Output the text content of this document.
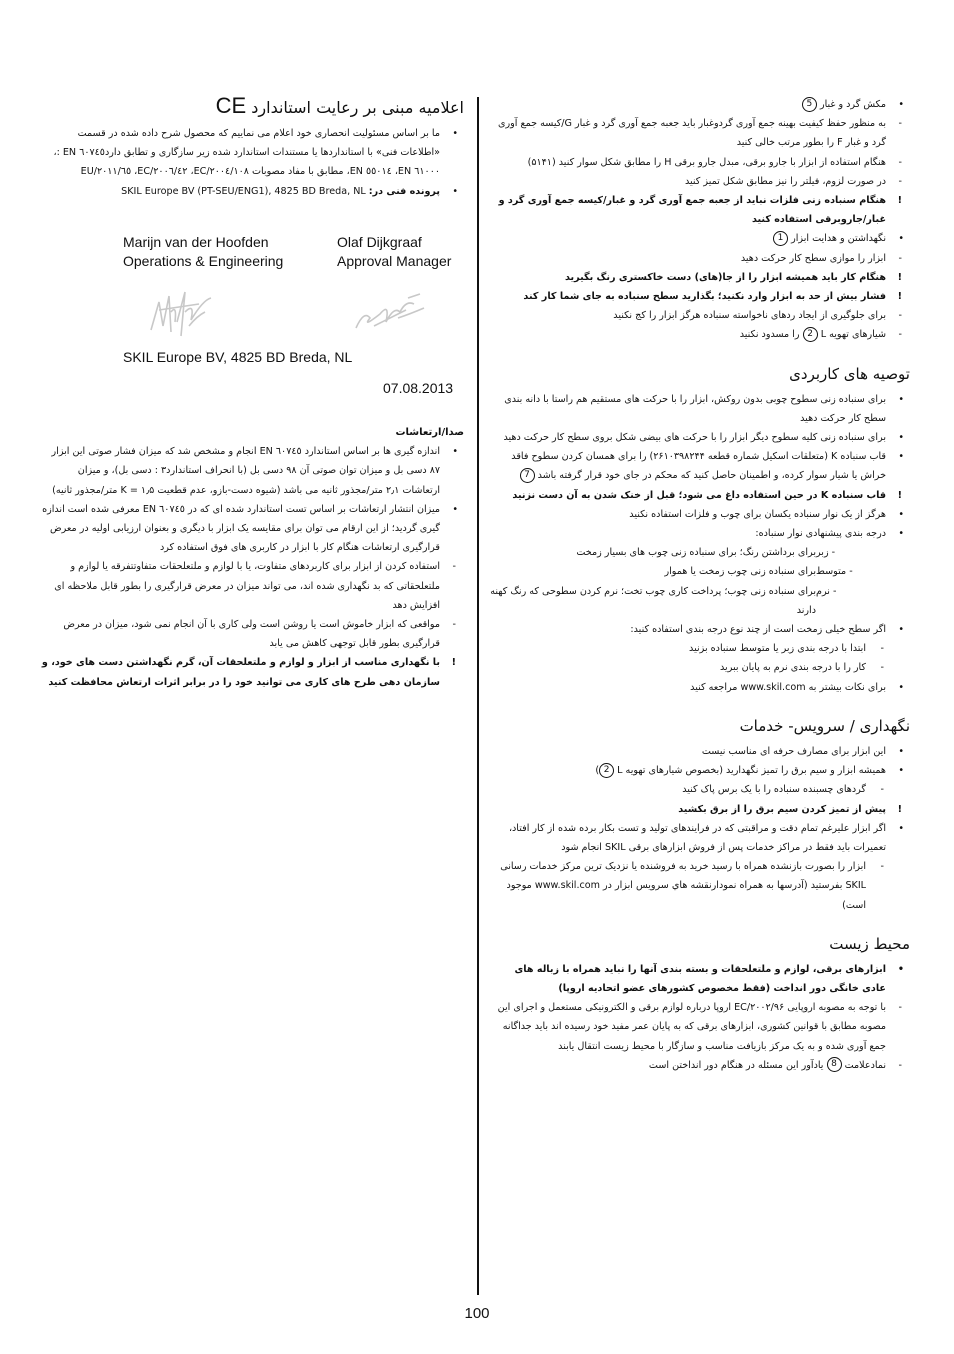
• مکش گرد و غبار 5
- به منظور حفظ کیفیت بهینه جمع آوری گردوغبار باید جعبه جمع آوری گرد و غبار G/کیسه جمع آوری گرد و غبار F را بطور مرتب خالی کنید
- هنگام استفاده از ابزار با جارو برقی، مبدل جارو برقی H را مطابق شکل سوار کنید (۵۱۴۱)
- در صورت لزوم، فیلتر را نیز مطابق شکل تمیز کنید
! هنگام سنباده زنی فلزات نباید از جعبه جمع آوری گرد و غبار/کیسه جمع آوری گرد و غبار/جاروبرقی استفاده کنید
• نگهداشتن و هدایت ابزار 1
- ابزار را موازی سطح کار حرکت دهید
! هنگام کار باید همیشه ابزار را از جا(های) دست خاکستری رنگ بگیرید
! فشار بیش از حد به ابزار وارد نکنید؛ بگذارید سطح سنباده به جای شما کار کند
- برای جلوگیری از ایجاد ردهای ناخواسته سنباده هرگز ابزار را کج نکنید
- شیارهای تهویه L 2 را مسدود نکنید
توصیه های کاربردی
• برای سنباده زنی سطوح چوبی بدون روکش، ابزار را با حرکت های مستقیم هم راستا با دانه بندی سطح کار حرکت دهید
• برای سنباده زنی کلیه سطوح دیگر ابزار را با حرکت های بیضی شکل بروی سطح کار حرکت دهید
• قاب سنباده K (متعلقات اسکیل شماره قطعه ۲۶۱۰۳۹۸۲۴۴) را برای همسان کردن سطوح فاقد خراش یا شیار سوار کرده، و اطمینان حاصل کنید که محکم در جای خود قرار گرفته باشد 7
! قاب سنباده K در حین استفاده داغ می شود؛ قبل از خنک شدن به آن دست نزنید
• هرگز از یک نوار سنباده یکسان برای چوب و فلزات استفاده نکنید
• درجه بندی پیشنهادی نوار سنباده:
زبر -
برای برداشتن رنگ؛ برای سنباده زنی چوب های بسیار زمخت
متوسط -
برای سنباده زنی چوب زمخت یا هموار
نرم -
برای سنباده زنی چوب؛ پرداخت کاری چوب تخت؛ نرم کردن سطوحی که رنگ کهنه دارند
• اگر سطح خیلی زمخت است از چند نوع درجه بندی استفاده کنید:
- ابتدا با درجه بندی زبر یا متوسط سنباده بزنید
- کار را با درجه بندی نرم به پایان ببرید
• برای نکات بیشتر به www.skil.com مراجعه کنید
نگهداری / سرویس- خدمات
• این ابزار برای مصارف حرفه ای مناسب نیست
• همیشه ابزار و سیم برق را تمیز نگهدارید (بخصوص شیارهای تهویه L 2)
- گردهای چسبنده سنباده را با یک برس پاک کنید
! پیش از تمیز کردن سیم برق را از برق بکشید
• اگر ابزار علیرغم تمام دقت و مراقبتی که در فرایندهای تولید و تست بکار برده شده از کار افتاد، تعمیرات باید فقط در مراکز خدمات پس از فروش ابزارهای برقی SKIL انجام شود
- ابزار را بصورت بازنشده همراه با رسید خرید به فروشنده یا نزدیک ترین مرکز خدمات رسانی SKIL بفرستید (آدرسها به همراه نمودارنقشه هاي سرويس ابزار در www.skil.com موجود است)
محیط زیست
• ابزارهای برقی، لوازم و ملتعلحقات و بسته بندی آنها را نباید همراه با زباله های عادی خانگی دور انداخت (فقط مخصوص کشورهای عضو اتحادیه اروپا)
- با توجه به مصوبه اروپایی ۲۰۰۲/۹۶/EC اروپا درباره لوازم برقی و الکترونیکی مستعمل و اجرای این مصوبه مطابق با قوانین کشوری، ابزارهای برقی که به پایان عمر مفید خود رسیده اند باید جداگانه جمع آوری شده و به یک مرکز بازیافت مناسب و سازگار با محیط زیست انتقال یابند
- نمادعلامت 8 یادآور این مسئله در هنگام دور انداختن است
اعلامیه مبنی بر رعایت استاندارد CE
• ما بر اساس مسئولیت انحصاری خود اعلام می نماییم که محصول شرح داده شده در قسمت «اطلاعات فنی» با استانداردها یا مستندات استاندارد شده زیر سازگاری و تطابق دارد٦٠٧٤٥ EN :، ٦١٠٠٠ EN، ٥٥٠١٤ EN، مطابق با مفاد مصوبات ٢٠٠٤/١٠٨/EC، ٢٠٠٦/٤٢/EC، ٢٠١١/٦٥/EU
• پرونده فنی در: SKIL Europe BV (PT-SEU/ENG1), 4825 BD Breda, NL
Marijn van der Hoofden
Operations & Engineering
Olaf Dijkgraaf
Approval Manager
SKIL Europe BV, 4825 BD Breda, NL
07.08.2013
صدا/ارتعاشات
• اندازه گیری ها بر اساس استاندارد ٦٠٧٤٥ EN انجام و مشخص شد که میزان فشار صوتی این ابزار ۸۷ دسی بل و میزان توان صوتی آن ۹۸ دسی بل (با انحراف استاندارد۳ : دسی بل)، و میزان ارتعاشات ۲٫۱ متر/مجذور ثانیه می باشد (شیوه دست-بازو، عدم قطعیت K = ۱٫۵ متر/مجذور ثانیه)
• میزان انتشار ارتعاشات بر اساس تست استاندارد شده ای که در ٦٠٧٤٥ EN معرفی شده است اندازه گیری گردید؛ از این ارقام می توان برای مقایسه یک ابزار با دیگری و بعنوان ارزیابی اولیه در معرض قرارگیری ارتعاشات هنگام کار با ابزار در کاربری های فوق استفاده کرد
- استفاده کردن از ابزار برای کاربردهای متفاوت، یا با لوازم و ملتعلحقات متفاوتتفرقه یا لوازم و ملتعلحقاتی که بد نگهداری شده اند، می تواند میزان در معرض قرارگیری را بطور قابل ملاحظه ای افزایش دهد
- مواقعی که ابزار خاموش است یا روشن است ولی کاری با آن انجام نمی شود، میزان در معرض قرارگیری بطور قابل توجهی کاهش می یابد
! با نگهداری مناسب از ابزار و لوازم و ملتعلحقات آن، گرم نگهداشتن دست های خود، و سازمان دهی طرح های کاری می توانید خود را در برابر اثرات ارتعاش محافظت کنید
100
